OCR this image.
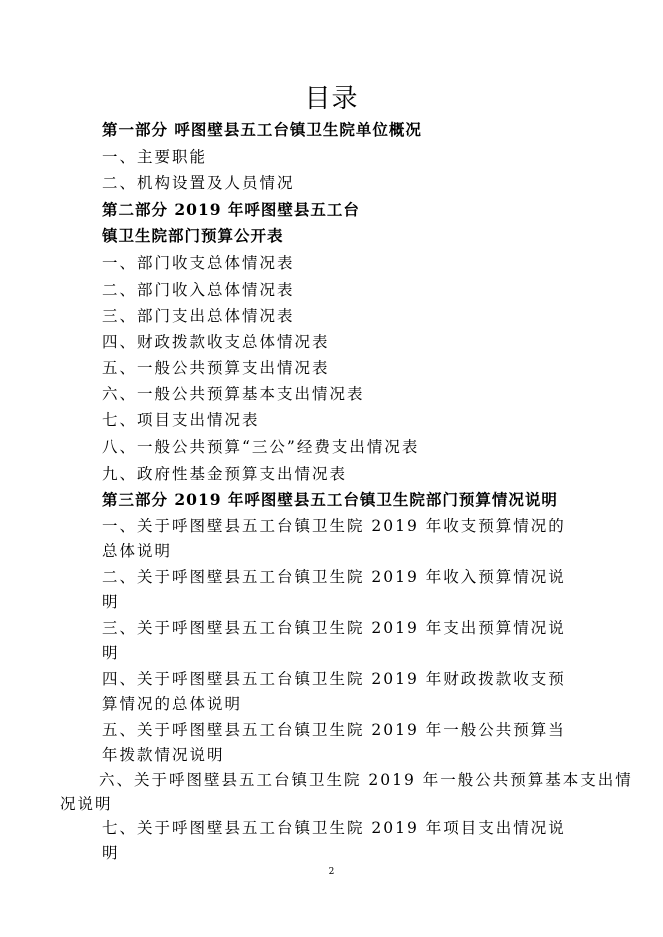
目录
第一部分 呼图壁县五工台镇卫生院单位概况
一、主要职能
二、机构设置及人员情况
第二部分 2019 年呼图壁县五工台
镇卫生院部门预算公开表
一、部门收支总体情况表
二、部门收入总体情况表
三、部门支出总体情况表
四、财政拨款收支总体情况表
五、一般公共预算支出情况表
六、一般公共预算基本支出情况表
七、项目支出情况表
八、一般公共预算“三公”经费支出情况表
九、政府性基金预算支出情况表
第三部分 2019 年呼图壁县五工台镇卫生院部门预算情况说明
一、关于呼图壁县五工台镇卫生院 2019 年收支预算情况的
总体说明
二、关于呼图壁县五工台镇卫生院 2019 年收入预算情况说
明
三、关于呼图壁县五工台镇卫生院 2019 年支出预算情况说
明
四、关于呼图壁县五工台镇卫生院 2019 年财政拨款收支预
算情况的总体说明
五、关于呼图壁县五工台镇卫生院 2019 年一般公共预算当
年拨款情况说明
六、关于呼图壁县五工台镇卫生院 2019 年一般公共预算基本支出情
况说明
七、关于呼图壁县五工台镇卫生院 2019 年项目支出情况说
明
2
